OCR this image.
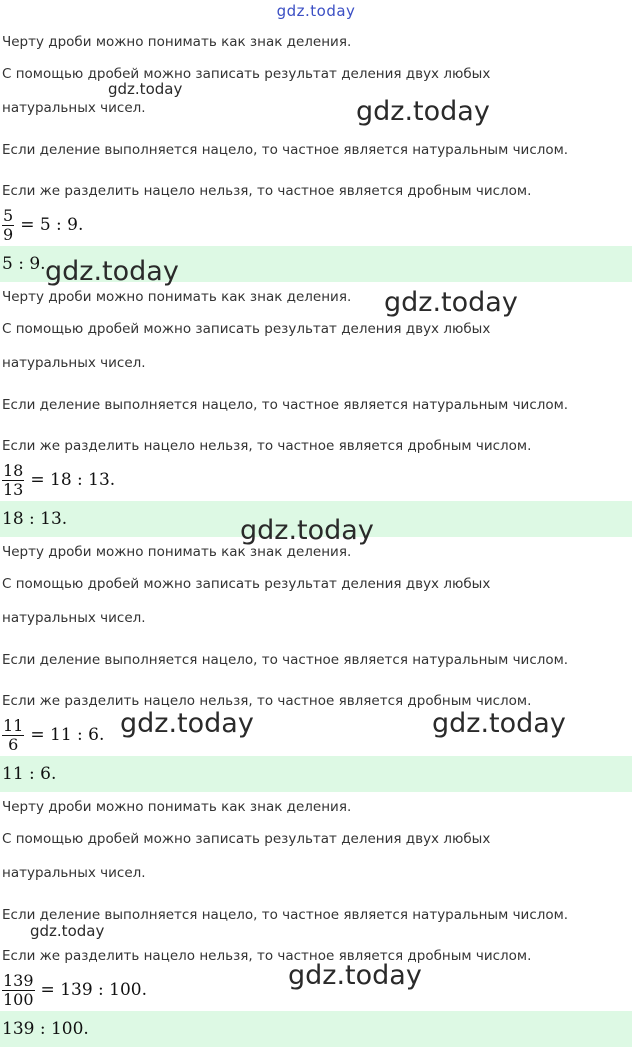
gdz.today
Черту дроби можно понимать как знак деления.
С помощью дробей можно записать результат деления двух любых
натуральных чисел.
Если деление выполняется нацело, то частное является натуральным числом.
Если же разделить нацело нельзя, то частное является дробным числом.
$\frac{5}{9} = 5$ : 9.
5 : 9.
Черту дроби можно понимать как знак деления.
С помощью дробей можно записать результат деления двух любых
натуральных чисел.
Если деление выполняется нацело, то частное является натуральным числом.
Если же разделить нацело нельзя, то частное является дробным числом.
$\frac{18}{13} = 18$ : 13.
18 : 13.
Черту дроби можно понимать как знак деления.
С помощью дробей можно записать результат деления двух любых
натуральных чисел.
Если деление выполняется нацело, то частное является натуральным числом.
Если же разделить нацело нельзя, то частное является дробным числом.
$\frac{11}{6} = 11$ : 6.
11 : 6.
Черту дроби можно понимать как знак деления.
С помощью дробей можно записать результат деления двух любых
натуральных чисел.
Если деление выполняется нацело, то частное является натуральным числом.
Если же разделить нацело нельзя, то частное является дробным числом.
$\frac{139}{100} = 139$ : 100.
139 : 100.
gdz.today
gdz.today
gdz.today
gdz.today
gdz.today
gdz.today	gdz.today
gdz.today
gdz.today
